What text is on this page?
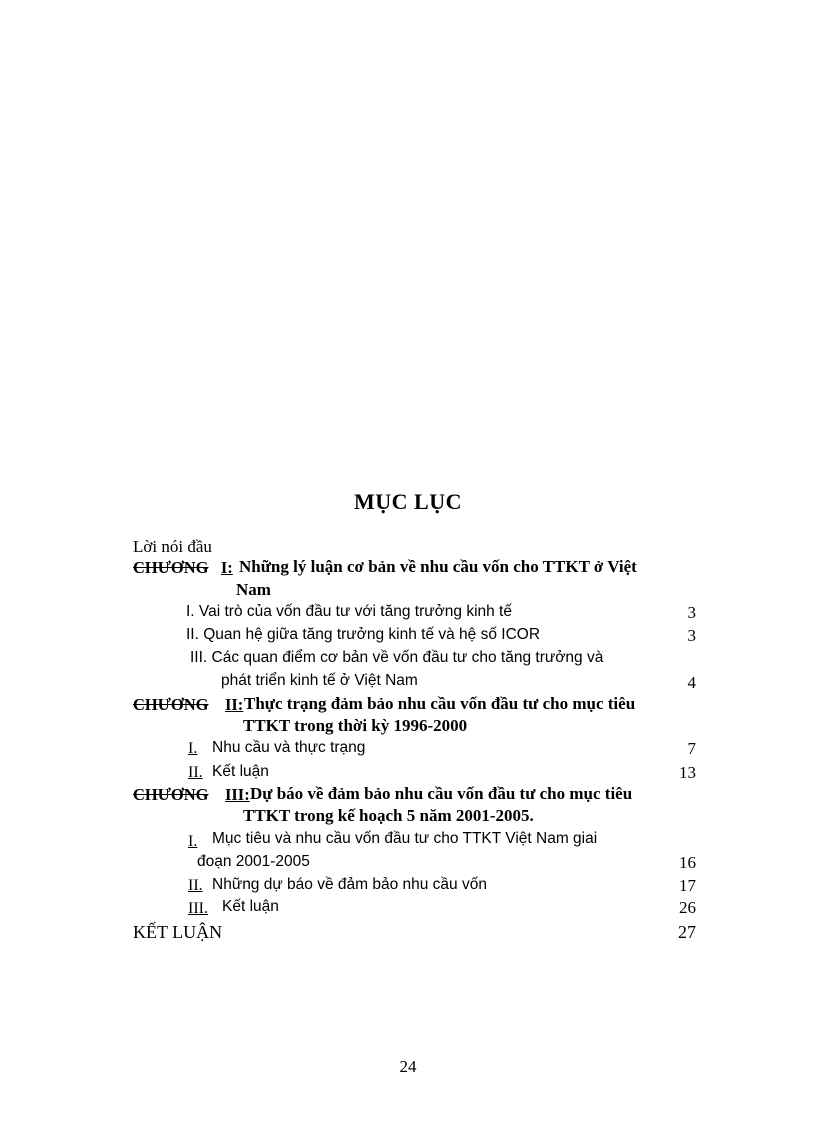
MỤC LỤC
Lời nói đầu
CHƯƠNG I: Những lý luận cơ bản về nhu cầu vốn cho TTKT ở Việt
Nam
I. Vai trò của vốn đầu tư với tăng trưởng kinh tế	3
II. Quan hệ giữa tăng trưởng kinh tế và hệ số ICOR	3
III. Các quan điểm cơ bản về vốn đầu tư cho tăng trưởng và
phát triển kinh tế ở Việt Nam	4
CHƯƠNG II: Thực trạng đảm bảo nhu cầu vốn đầu tư cho mục tiêu
TTKT trong thời kỳ 1996-2000
I. Nhu cầu và thực trạng	7
II. Kết luận	13
CHƯƠNG III: Dự báo về đảm bảo nhu cầu vốn đầu tư cho mục tiêu
TTKT trong kế hoạch 5 năm 2001-2005.
I. Mục tiêu và nhu cầu vốn đầu tư cho TTKT Việt Nam giai
đoạn 2001-2005	16
II. Những dự báo về đảm bảo nhu cầu vốn	17
III. Kết luận	26
KẾT LUẬN	27
24
